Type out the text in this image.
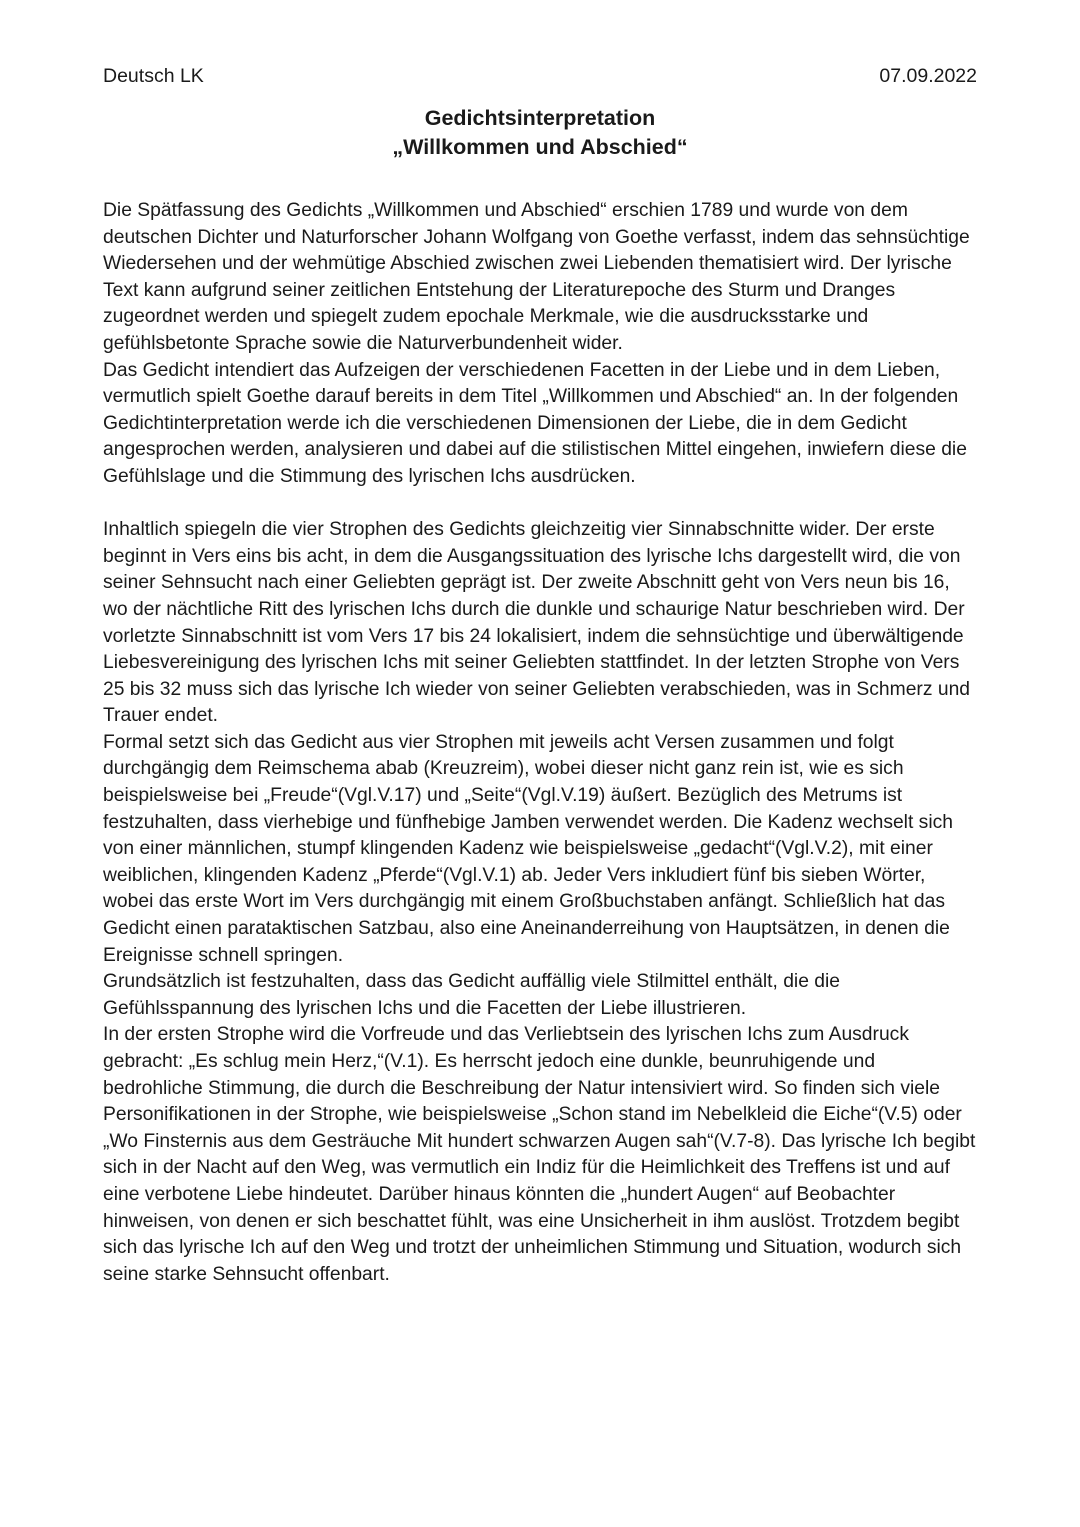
Deutsch LK	07.09.2022
Gedichtsinterpretation
„Willkommen und Abschied“

Die Spätfassung des Gedichts „Willkommen und Abschied“ erschien 1789 und wurde von dem deutschen Dichter und Naturforscher Johann Wolfgang von Goethe verfasst, indem das sehnsüchtige Wiedersehen und der wehmütige Abschied zwischen zwei Liebenden thematisiert wird. Der lyrische Text kann aufgrund seiner zeitlichen Entstehung der Literaturepoche des Sturm und Dranges zugeordnet werden und spiegelt zudem epochale Merkmale, wie die ausdrucksstarke und gefühlsbetonte Sprache sowie die Naturverbundenheit wider.

Das Gedicht intendiert das Aufzeigen der verschiedenen Facetten in der Liebe und in dem Lieben, vermutlich spielt Goethe darauf bereits in dem Titel „Willkommen und Abschied“ an. In der folgenden Gedichtinterpretation werde ich die verschiedenen Dimensionen der Liebe, die in dem Gedicht angesprochen werden, analysieren und dabei auf die stilistischen Mittel eingehen, inwiefern diese die Gefühlslage und die Stimmung des lyrischen Ichs ausdrücken.

Inhaltlich spiegeln die vier Strophen des Gedichts gleichzeitig vier Sinnabschnitte wider. Der erste beginnt in Vers eins bis acht, in dem die Ausgangssituation des lyrische Ichs dargestellt wird, die von seiner Sehnsucht nach einer Geliebten geprägt ist. Der zweite Abschnitt geht von Vers neun bis 16, wo der nächtliche Ritt des lyrischen Ichs durch die dunkle und schaurige Natur beschrieben wird. Der vorletzte Sinnabschnitt ist vom Vers 17 bis 24 lokalisiert, indem die sehnsüchtige und überwältigende Liebesvereinigung des lyrischen Ichs mit seiner Geliebten stattfindet. In der letzten Strophe von Vers 25 bis 32 muss sich das lyrische Ich wieder von seiner Geliebten verabschieden, was in Schmerz und Trauer endet.

Formal setzt sich das Gedicht aus vier Strophen mit jeweils acht Versen zusammen und folgt durchgängig dem Reimschema abab (Kreuzreim), wobei dieser nicht ganz rein ist, wie es sich beispielsweise bei „Freude“(Vgl.V.17) und „Seite“(Vgl.V.19) äußert. Bezüglich des Metrums ist festzuhalten, dass vierhebige und fünfhebige Jamben verwendet werden. Die Kadenz wechselt sich von einer männlichen, stumpf klingenden Kadenz wie beispielsweise „gedacht“(Vgl.V.2), mit einer weiblichen, klingenden Kadenz „Pferde“(Vgl.V.1) ab. Jeder Vers inkludiert fünf bis sieben Wörter, wobei das erste Wort im Vers durchgängig mit einem Großbuchstaben anfängt. Schließlich hat das Gedicht einen parataktischen Satzbau, also eine Aneinanderreihung von Hauptsätzen, in denen die Ereignisse schnell springen.

Grundsätzlich ist festzuhalten, dass das Gedicht auffällig viele Stilmittel enthält, die die Gefühlsspannung des lyrischen Ichs und die Facetten der Liebe illustrieren.

In der ersten Strophe wird die Vorfreude und das Verliebtsein des lyrischen Ichs zum Ausdruck gebracht: „Es schlug mein Herz,“(V.1). Es herrscht jedoch eine dunkle, beunruhigende und bedrohliche Stimmung, die durch die Beschreibung der Natur intensiviert wird. So finden sich viele Personifikationen in der Strophe, wie beispielsweise „Schon stand im Nebelkleid die Eiche“(V.5) oder „Wo Finsternis aus dem Gesträuche Mit hundert schwarzen Augen sah“(V.7-8). Das lyrische Ich begibt sich in der Nacht auf den Weg, was vermutlich ein Indiz für die Heimlichkeit des Treffens ist und auf eine verbotene Liebe hindeutet. Darüber hinaus könnten die „hundert Augen“ auf Beobachter hinweisen, von denen er sich beschattet fühlt, was eine Unsicherheit in ihm auslöst. Trotzdem begibt sich das lyrische Ich auf den Weg und trotzt der unheimlichen Stimmung und Situation, wodurch sich seine starke Sehnsucht offenbart.
